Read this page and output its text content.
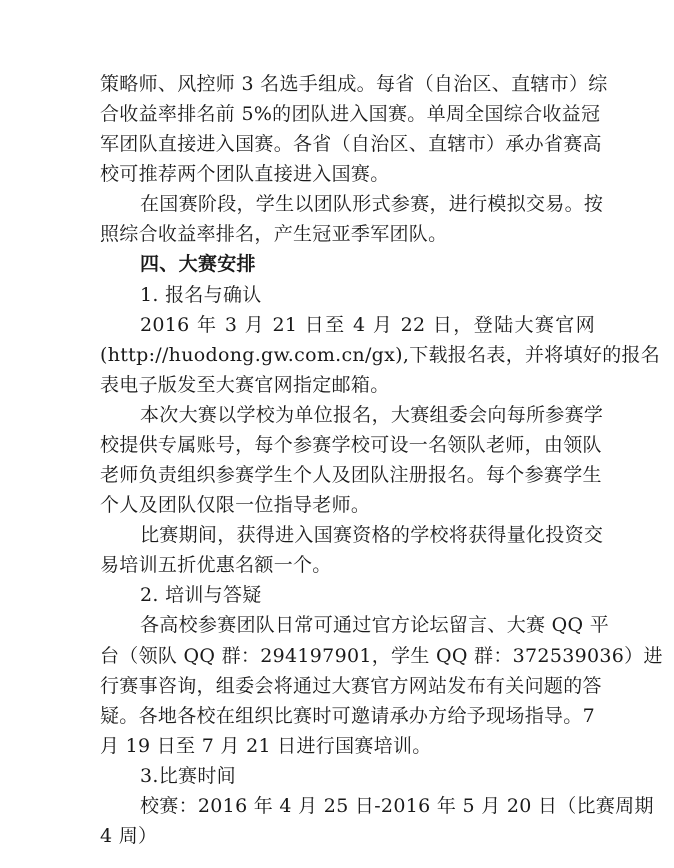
策略师、风控师 3 名选手组成。每省（自治区、直辖市）综
合收益率排名前 5%的团队进入国赛。单周全国综合收益冠
军团队直接进入国赛。各省（自治区、直辖市）承办省赛高
校可推荐两个团队直接进入国赛。
在国赛阶段，学生以团队形式参赛，进行模拟交易。按
照综合收益率排名，产生冠亚季军团队。
四、大赛安排
1. 报名与确认
2016 年 3 月 21 日至 4 月 22 日，登陆大赛官网
(http://huodong.gw.com.cn/gx),下载报名表，并将填好的报名
表电子版发至大赛官网指定邮箱。
本次大赛以学校为单位报名，大赛组委会向每所参赛学
校提供专属账号，每个参赛学校可设一名领队老师，由领队
老师负责组织参赛学生个人及团队注册报名。每个参赛学生
个人及团队仅限一位指导老师。
比赛期间，获得进入国赛资格的学校将获得量化投资交
易培训五折优惠名额一个。
2. 培训与答疑
各高校参赛团队日常可通过官方论坛留言、大赛 QQ 平
台（领队 QQ 群：294197901，学生 QQ 群：372539036）进
行赛事咨询，组委会将通过大赛官方网站发布有关问题的答
疑。各地各校在组织比赛时可邀请承办方给予现场指导。7
月 19 日至 7 月 21 日进行国赛培训。
3.比赛时间
校赛：2016 年 4 月 25 日-2016 年 5 月 20 日（比赛周期
4 周）
